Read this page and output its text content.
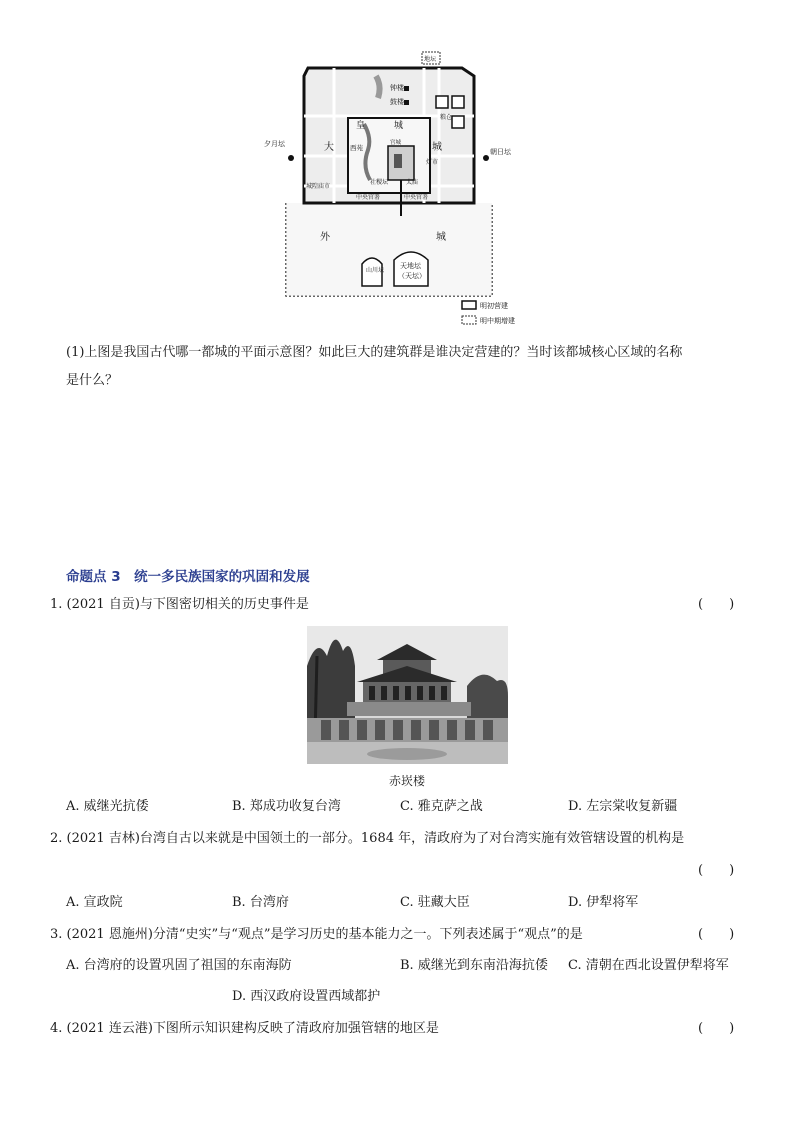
地坛
钟楼
鼓楼
皇	城
大	城
西苑
宫城
太庙
社稷坛
城隍庙市
中央官署	中央官署
粮仓
灯市
夕月坛
朝日坛
外	城
山川坛
天地坛
（天坛）
明初营建
明中期增建
(1)上图是我国古代哪一都城的平面示意图？如此巨大的建筑群是谁决定营建的？当时该都城核心区域的名称
是什么？
命题点 3　统一多民族国家的巩固和发展
1. (2021 自贡)与下图密切相关的历史事件是	(　　)
赤崁楼
A. 威继光抗倭	B. 郑成功收复台湾	C. 雅克萨之战	D. 左宗棠收复新疆
2. (2021 吉林)台湾自古以来就是中国领土的一部分。1684 年，清政府为了对台湾实施有效管辖设置的机构是
(　　)
A. 宣政院	B. 台湾府	C. 驻藏大臣	D. 伊犁将军
3. (2021 恩施州)分清“史实”与“观点”是学习历史的基本能力之一。下列表述属于“观点”的是	(　　)
A. 台湾府的设置巩固了祖国的东南海防	B. 威继光到东南沿海抗倭 C. 清朝在西北设置伊犁将军
D. 西汉政府设置西域都护
4. (2021 连云港)下图所示知识建构反映了清政府加强管辖的地区是	(　　)
